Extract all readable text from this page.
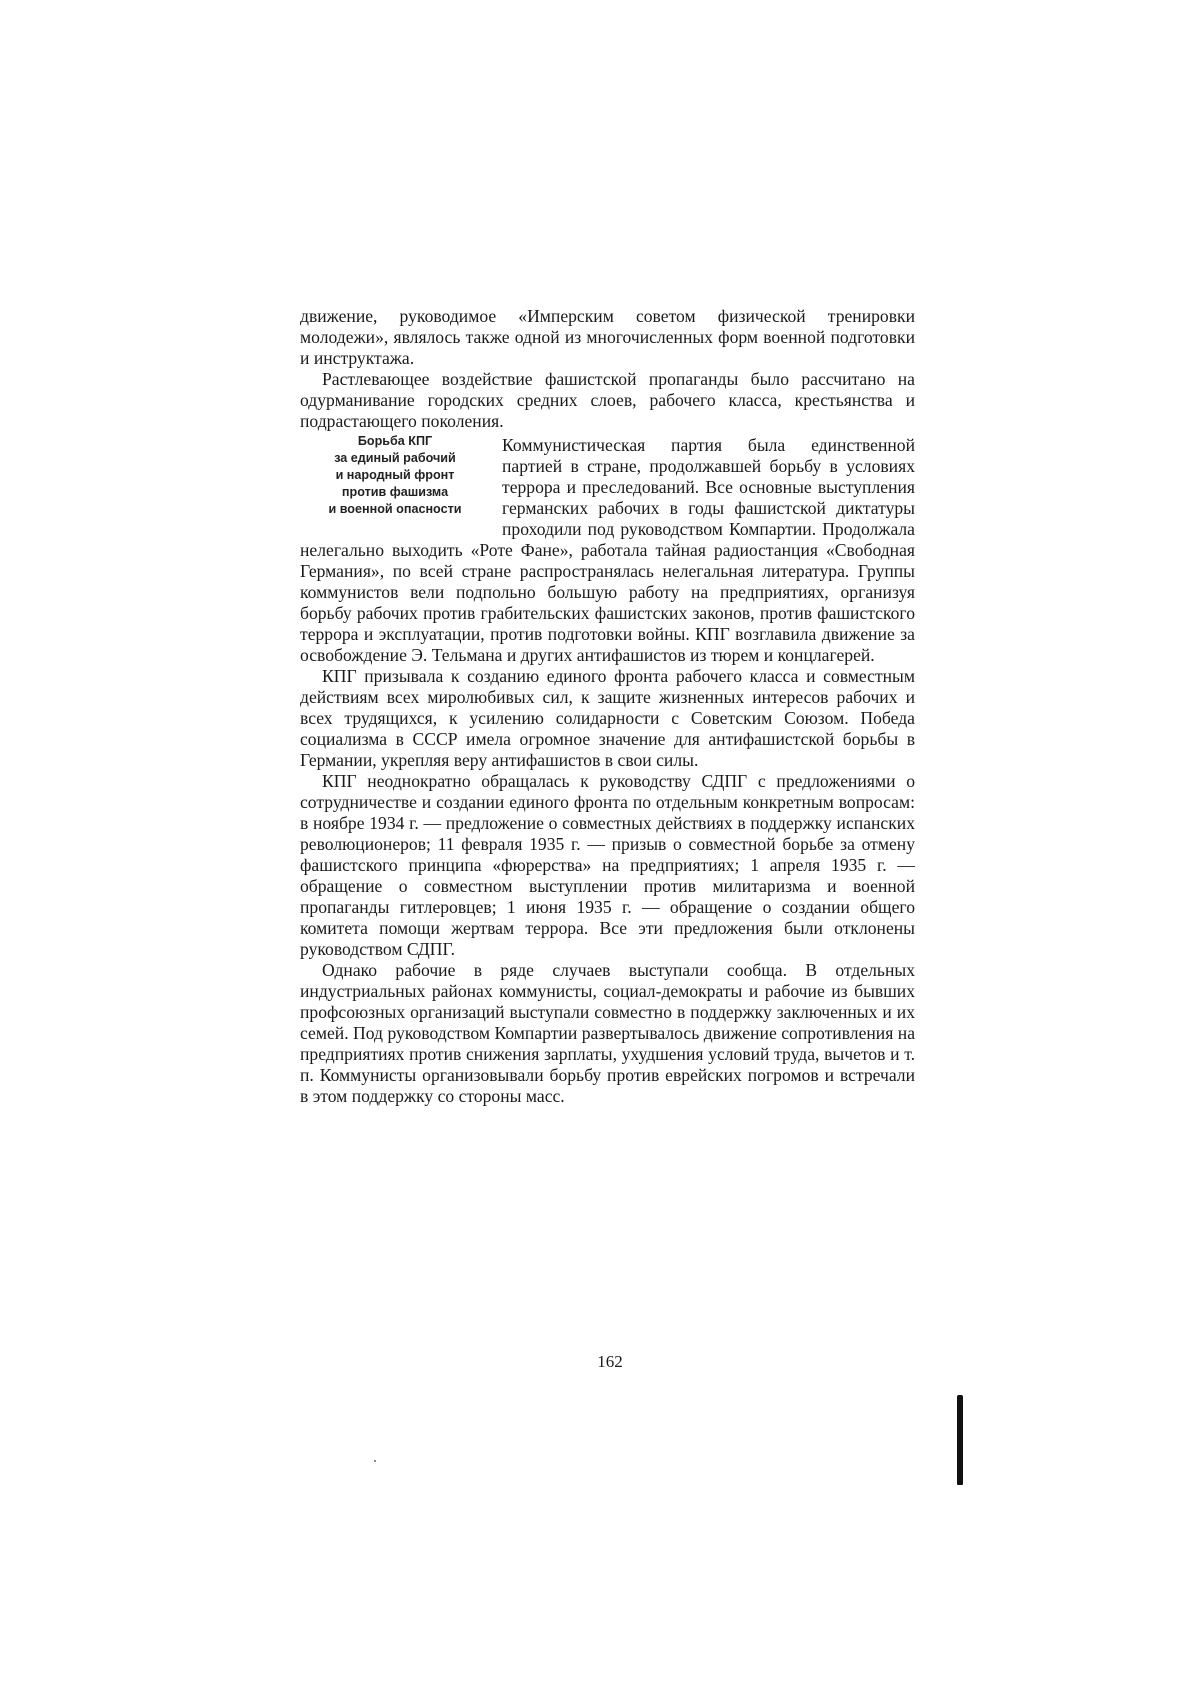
движение, руководимое «Имперским советом физической тренировки молодежи», являлось также одной из многочисленных форм военной подготовки и инструктажа.

Растлевающее воздействие фашистской пропаганды было рассчитано на одурманивание городских средних слоев, рабочего класса, крестьянства и подрастающего поколения.

Борьба КПГ
за единый рабочий
и народный фронт
против фашизма
и военной опасности

Коммунистическая партия была единственной партией в стране, продолжавшей борьбу в условиях террора и преследований. Все основные выступления германских рабочих в годы фашистской диктатуры проходили под руководством Компартии. Продолжала нелегально выходить «Роте Фане», работала тайная радиостанция «Свободная Германия», по всей стране распространялась нелегальная литература. Группы коммунистов вели подпольно большую работу на предприятиях, организуя борьбу рабочих против грабительских фашистских законов, против фашистского террора и эксплуатации, против подготовки войны. КПГ возглавила движение за освобождение Э. Тельмана и других антифашистов из тюрем и концлагерей.

КПГ призывала к созданию единого фронта рабочего класса и совместным действиям всех миролюбивых сил, к защите жизненных интересов рабочих и всех трудящихся, к усилению солидарности с Советским Союзом. Победа социализма в СССР имела огромное значение для антифашистской борьбы в Германии, укрепляя веру антифашистов в свои силы.

КПГ неоднократно обращалась к руководству СДПГ с предложениями о сотрудничестве и создании единого фронта по отдельным конкретным вопросам: в ноябре 1934 г. — предложение о совместных действиях в поддержку испанских революционеров; 11 февраля 1935 г. — призыв о совместной борьбе за отмену фашистского принципа «фюрерства» на предприятиях; 1 апреля 1935 г. — обращение о совместном выступлении против милитаризма и военной пропаганды гитлеровцев; 1 июня 1935 г. — обращение о создании общего комитета помощи жертвам террора. Все эти предложения были отклонены руководством СДПГ.

Однако рабочие в ряде случаев выступали сообща. В отдельных индустриальных районах коммунисты, социал-демократы и рабочие из бывших профсоюзных организаций выступали совместно в поддержку заключенных и их семей. Под руководством Компартии развертывалось движение сопротивления на предприятиях против снижения зарплаты, ухудшения условий труда, вычетов и т. п. Коммунисты организовывали борьбу против еврейских погромов и встречали в этом поддержку со стороны масс.

162
